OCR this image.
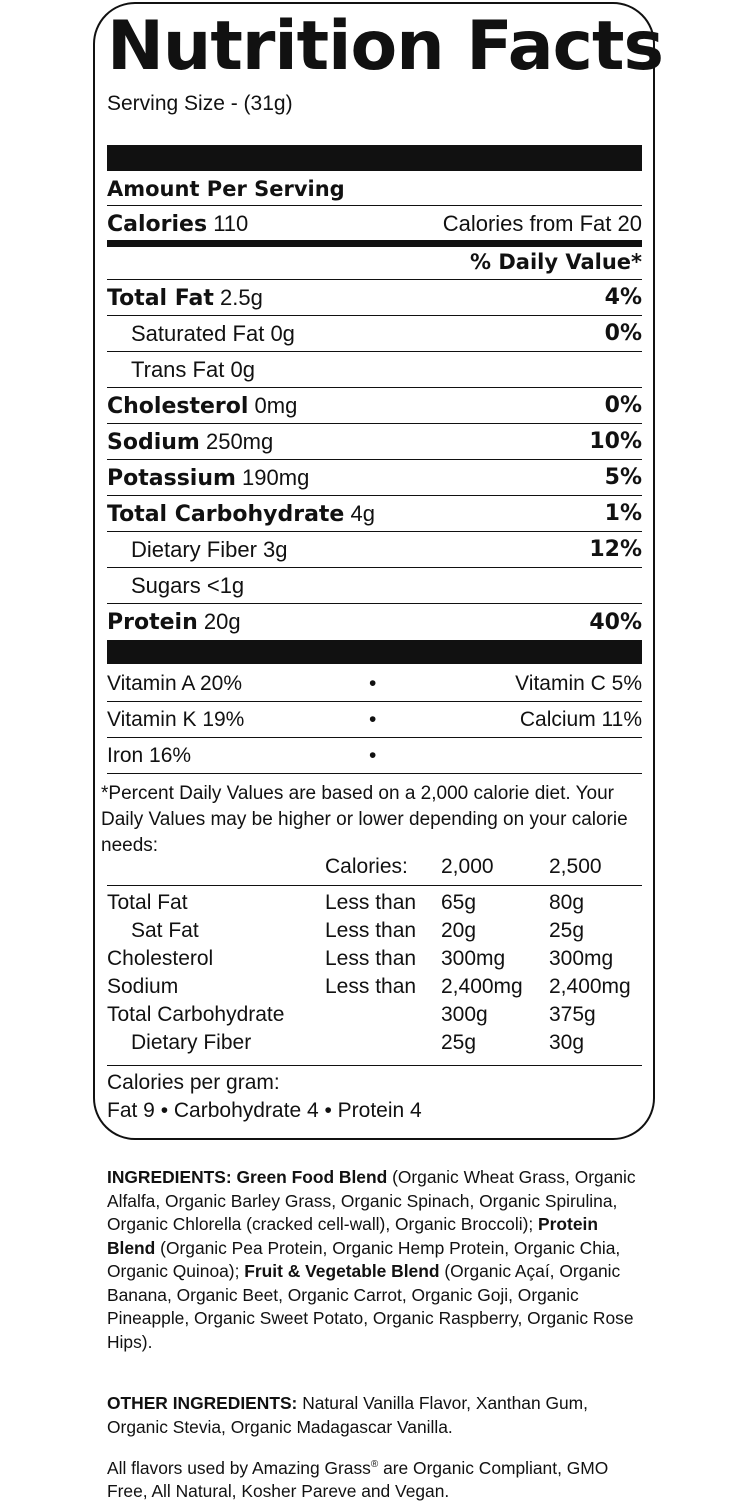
Nutrition Facts
Serving Size - (31g)
Amount Per Serving
Calories 110	Calories from Fat 20
% Daily Value*
Total Fat 2.5g	4%
Saturated Fat 0g	0%
Trans Fat 0g
Cholesterol 0mg	0%
Sodium 250mg	10%
Potassium 190mg	5%
Total Carbohydrate 4g	1%
Dietary Fiber 3g	12%
Sugars <1g
Protein 20g	40%
Vitamin A 20%	•	Vitamin C 5%
Vitamin K 19%	•	Calcium 11%
Iron 16%	•
*Percent Daily Values are based on a 2,000 calorie diet. Your Daily Values may be higher or lower depending on your calorie needs:
Calories: 2,000	2,500
Total Fat	Less than 65g	80g
Sat Fat	Less than 20g	25g
Cholesterol	Less than 300mg 300mg
Sodium	Less than 2,400mg 2,400mg
Total Carbohydrate	300g	375g
Dietary Fiber	25g	30g
Calories per gram:
Fat 9 • Carbohydrate 4 • Protein 4
INGREDIENTS: Green Food Blend (Organic Wheat Grass, Organic Alfalfa, Organic Barley Grass, Organic Spinach, Organic Spirulina, Organic Chlorella (cracked cell-wall), Organic Broccoli); Protein Blend (Organic Pea Protein, Organic Hemp Protein, Organic Chia, Organic Quinoa); Fruit & Vegetable Blend (Organic Açaí, Organic Banana, Organic Beet, Organic Carrot, Organic Goji, Organic Pineapple, Organic Sweet Potato, Organic Raspberry, Organic Rose Hips).
OTHER INGREDIENTS: Natural Vanilla Flavor, Xanthan Gum, Organic Stevia, Organic Madagascar Vanilla.
All flavors used by Amazing Grass® are Organic Compliant, GMO Free, All Natural, Kosher Pareve and Vegan.
